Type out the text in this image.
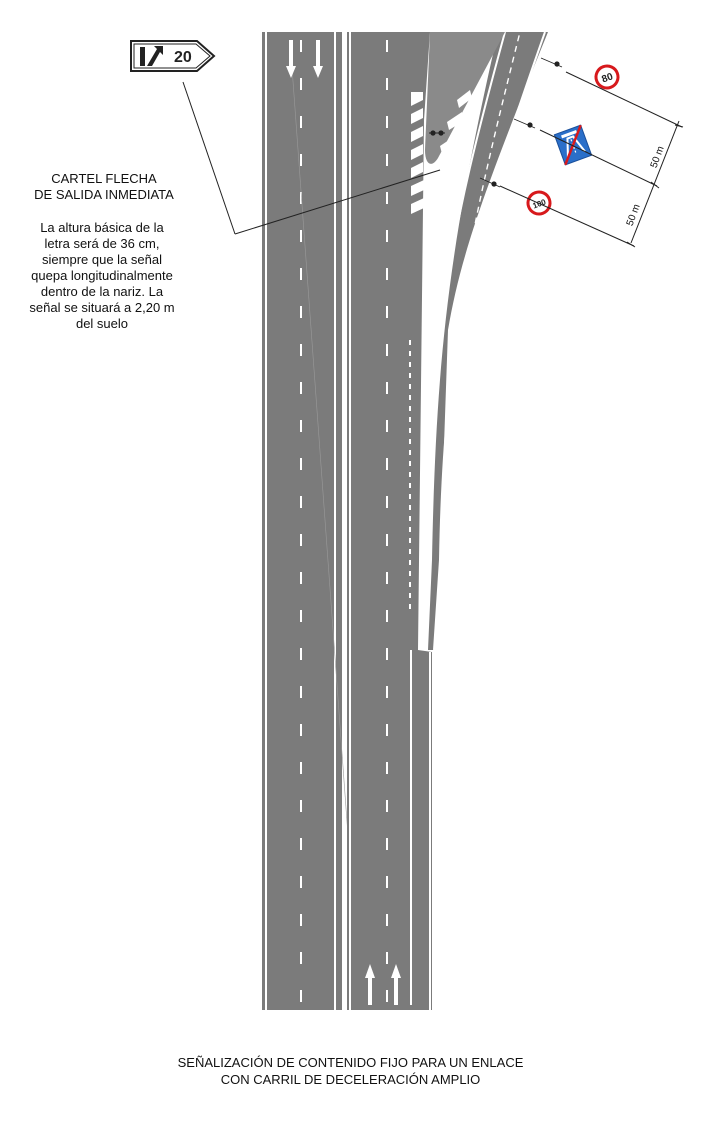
20
80
100
50 m
50 m

CARTEL FLECHA

DE SALIDA INMEDIATA

La altura básica de la

letra será de 36 cm,

siempre que la señal

quepa longitudinalmente

dentro de la nariz. La

señal se situará a 2,20 m

del suelo

SEÑALIZACIÓN DE CONTENIDO FIJO PARA UN ENLACE

CON CARRIL DE DECELERACIÓN AMPLIO
